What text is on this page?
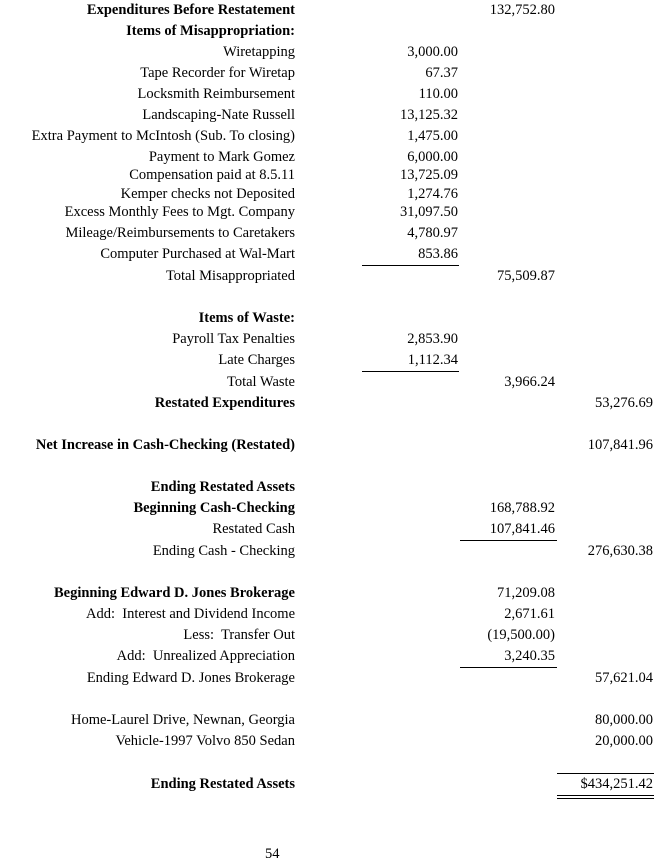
Expenditures Before Restatement	132,752.80
Items of Misappropriation:
Wiretapping	3,000.00
Tape Recorder for Wiretap	67.37
Locksmith Reimbursement	110.00
Landscaping-Nate Russell	13,125.32
Extra Payment to McIntosh (Sub. To closing)	1,475.00
Payment to Mark Gomez	6,000.00
Compensation paid at 8.5.11	13,725.09
Kemper checks not Deposited	1,274.76
Excess Monthly Fees to Mgt. Company	31,097.50
Mileage/Reimbursements to Caretakers	4,780.97
Computer Purchased at Wal-Mart	853.86
Total Misappropriated	75,509.87
Items of Waste:
Payroll Tax Penalties	2,853.90
Late Charges	1,112.34
Total Waste	3,966.24
Restated Expenditures	53,276.69
Net Increase in Cash-Checking (Restated)	107,841.96
Ending Restated Assets
Beginning Cash-Checking	168,788.92
Restated Cash	107,841.46
Ending Cash - Checking	276,630.38
Beginning Edward D. Jones Brokerage	71,209.08
Add:  Interest and Dividend Income	2,671.61
Less:  Transfer Out	(19,500.00)
Add:  Unrealized Appreciation	3,240.35
Ending Edward D. Jones Brokerage	57,621.04
Home-Laurel Drive, Newnan, Georgia	80,000.00
Vehicle-1997 Volvo 850 Sedan	20,000.00
Ending Restated Assets	$434,251.42
54
